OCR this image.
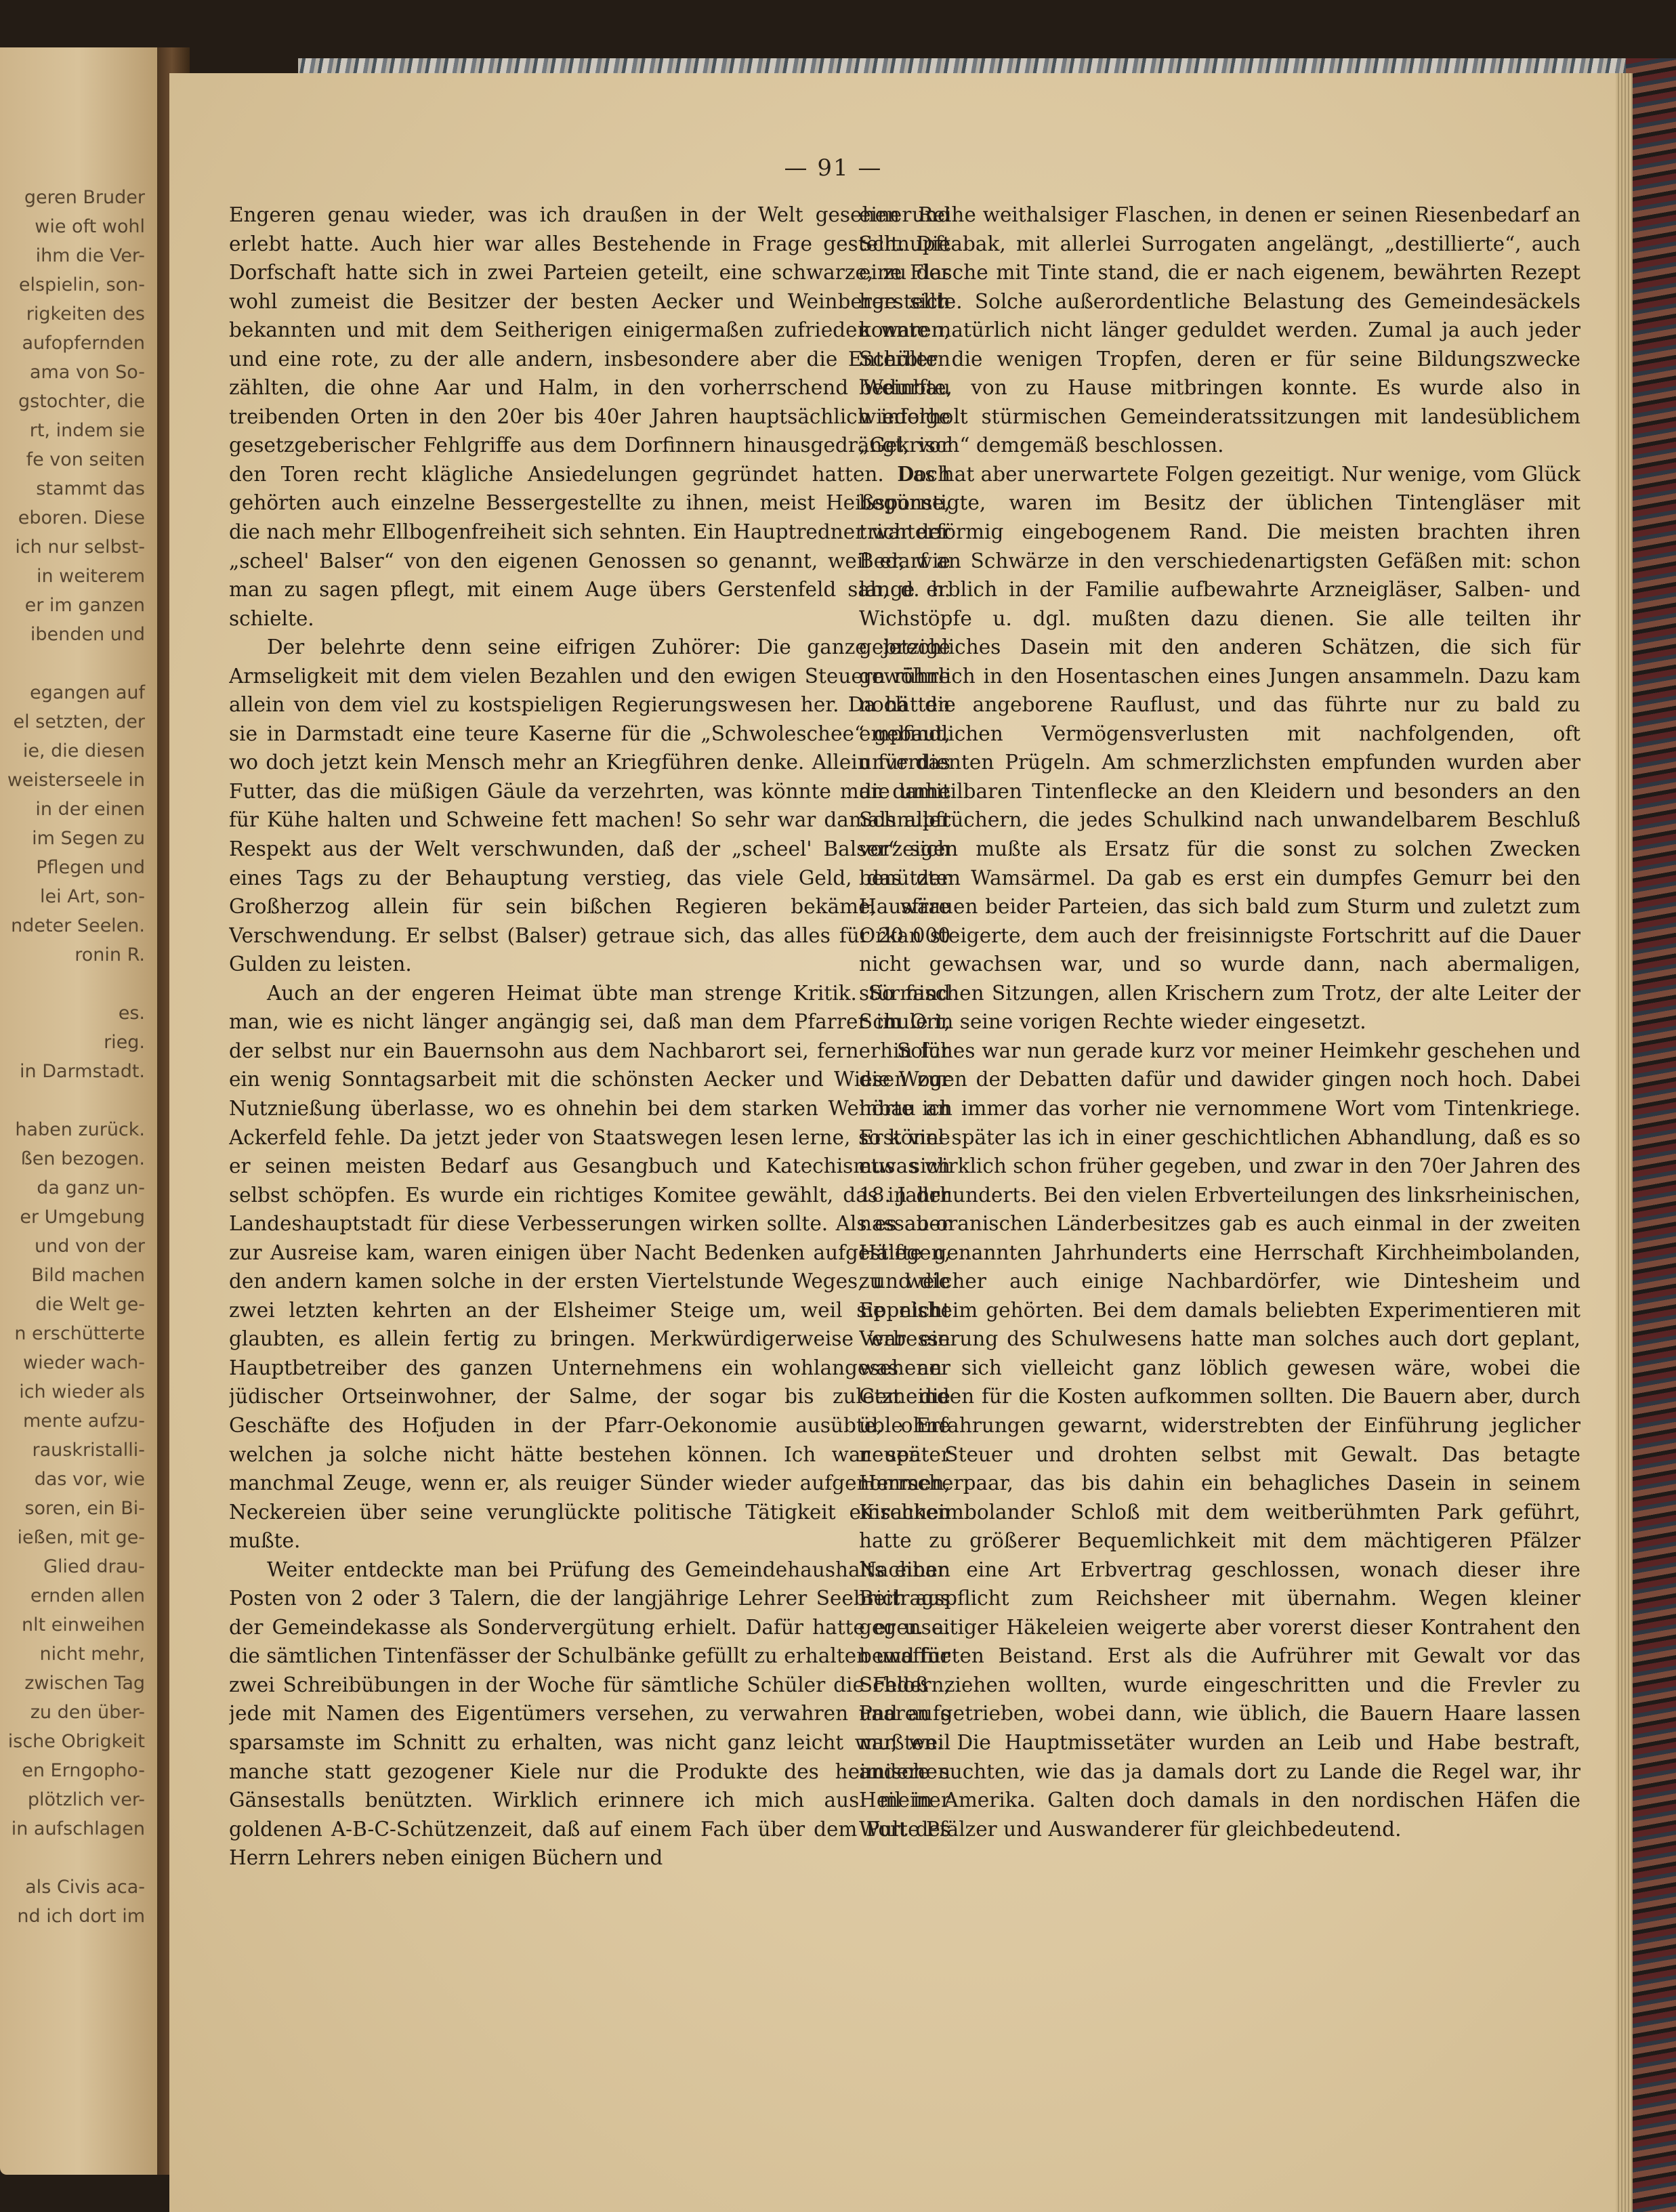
geren Bruder
wie oft wohl
ihm die Ver-
elspielin, son-
rigkeiten des
aufopfernden
ama von So-
gstochter, die
rt, indem sie
fe von seiten
stammt das
eboren. Diese
ich nur selbst-
in weiterem
er im ganzen
ibenden und
egangen auf
el setzten, der
ie, die diesen
weisterseele in
in der einen
im Segen zu
Pflegen und
lei Art, son-
ndeter Seelen.
ronin R.
es.
rieg.
in Darmstadt.
haben zurück.
ßen bezogen.
da ganz un-
er Umgebung
und von der
Bild machen
die Welt ge-
n erschütterte
wieder wach-
ich wieder als
mente aufzu-
rauskristalli-
das vor, wie
soren, ein Bi-
ießen, mit ge-
Glied drau-
ernden allen
nlt einweihen
nicht mehr,
zwischen Tag
zu den über-
ische Obrigkeit
en Erngopho-
plötzlich ver-
in aufschlagen
als Civis aca-
nd ich dort im
— 91 —

Engeren genau wieder, was ich draußen in der Welt gesehen und erlebt hatte. Auch hier war alles Bestehende in Frage gestellt. Die Dorfschaft hatte sich in zwei Parteien geteilt, eine schwarze, zu der wohl zumeist die Besitzer der besten Aecker und Weinberge sich bekannten und mit dem Seitherigen einigermaßen zufrieden waren, und eine rote, zu der alle andern, insbesondere aber die Enterbten zählten, die ohne Aar und Halm, in den vorherrschend Weinbau treibenden Orten in den 20er bis 40er Jahren hauptsächlich infolge gesetzgeberischer Fehlgriffe aus dem Dorfinnern hinausgedrängt, vor den Toren recht klägliche Ansiedelungen gegründet hatten. Doch gehörten auch einzelne Bessergestellte zu ihnen, meist Heißsporne, die nach mehr Ellbogenfreiheit sich sehnten. Ein Hauptredner war der „scheel' Balser“ von den eigenen Genossen so genannt, weil er, wie man zu sagen pflegt, mit einem Auge übers Gerstenfeld sah, d. h. schielte.

Der belehrte denn seine eifrigen Zuhörer: Die ganze jetzige Armseligkeit mit dem vielen Bezahlen und den ewigen Steuern rühre allein von dem viel zu kostspieligen Regierungswesen her. Da hätten sie in Darmstadt eine teure Kaserne für die „Schwoleschee“ gebaut, wo doch jetzt kein Mensch mehr an Kriegführen denke. Allein für das Futter, das die müßigen Gäule da verzehrten, was könnte man damit für Kühe halten und Schweine fett machen! So sehr war damals aller Respekt aus der Welt verschwunden, daß der „scheel' Balser“ sich eines Tags zu der Behauptung verstieg, das viele Geld, das der Großherzog allein für sein bißchen Regieren bekäme, wäre Verschwendung. Er selbst (Balser) getraue sich, das alles für 20 000 Gulden zu leisten.

Auch an der engeren Heimat übte man strenge Kritik. So fand man, wie es nicht länger angängig sei, daß man dem Pfarrer im Ort, der selbst nur ein Bauernsohn aus dem Nachbarort sei, fernerhin für ein wenig Sonntagsarbeit mit die schönsten Aecker und Wiesen zur Nutznießung überlasse, wo es ohnehin bei dem starken Weinbau an Ackerfeld fehle. Da jetzt jeder von Staatswegen lesen lerne, so könne er seinen meisten Bedarf aus Gesangbuch und Katechismus sich selbst schöpfen. Es wurde ein richtiges Komitee gewählt, das in der Landeshauptstadt für diese Verbesserungen wirken sollte. Als es aber zur Ausreise kam, waren einigen über Nacht Bedenken aufgestiegen, den andern kamen solche in der ersten Viertelstunde Weges, und die zwei letzten kehrten an der Elsheimer Steige um, weil sie nicht glaubten, es allein fertig zu bringen. Merkwürdigerweise war ein Hauptbetreiber des ganzen Unternehmens ein wohlangesehener jüdischer Ortseinwohner, der Salme, der sogar bis zuletzt die Geschäfte des Hofjuden in der Pfarr-Oekonomie ausübte, ohne welchen ja solche nicht hätte bestehen können. Ich war später manchmal Zeuge, wenn er, als reuiger Sünder wieder aufgenommen, Neckereien über seine verunglückte politische Tätigkeit einsacken mußte.

Weiter entdeckte man bei Prüfung des Gemeindehaushalts einen Posten von 2 oder 3 Talern, die der langjährige Lehrer Seebrich aus der Gemeindekasse als Sondervergütung erhielt. Dafür hatte er u. a. die sämtlichen Tintenfässer der Schulbänke gefüllt zu erhalten und für zwei Schreibübungen in der Woche für sämtliche Schüler die Federn, jede mit Namen des Eigentümers versehen, zu verwahren und aufs sparsamste im Schnitt zu erhalten, was nicht ganz leicht war, weil manche statt gezogener Kiele nur die Produkte des heimischen Gänsestalls benützten. Wirklich erinnere ich mich aus meiner goldenen A-B-C-Schützenzeit, daß auf einem Fach über dem Pult des Herrn Lehrers neben einigen Büchern und

einer Reihe weithalsiger Flaschen, in denen er seinen Riesenbedarf an Schnupftabak, mit allerlei Surrogaten angelängt, „destillierte“, auch eine Flasche mit Tinte stand, die er nach eigenem, bewährten Rezept herstellte. Solche außerordentliche Belastung des Gemeindesäckels konnte natürlich nicht länger geduldet werden. Zumal ja auch jeder Schüler die wenigen Tropfen, deren er für seine Bildungszwecke bedurfte, von zu Hause mitbringen konnte. Es wurde also in wiederholt stürmischen Gemeinderatssitzungen mit landesüblichem „Gekrisch“ demgemäß beschlossen.

Das hat aber unerwartete Folgen gezeitigt. Nur wenige, vom Glück begünstigte, waren im Besitz der üblichen Tintengläser mit trichterförmig eingebogenem Rand. Die meisten brachten ihren Bedarf an Schwärze in den verschiedenartigsten Gefäßen mit: schon lange erblich in der Familie aufbewahrte Arzneigläser, Salben- und Wichstöpfe u. dgl. mußten dazu dienen. Sie alle teilten ihr gebrechliches Dasein mit den anderen Schätzen, die sich für gewöhnlich in den Hosentaschen eines Jungen ansammeln. Dazu kam noch die angeborene Rauflust, und das führte nur zu bald zu empfindlichen Vermögensverlusten mit nachfolgenden, oft unverdienten Prügeln. Am schmerzlichsten empfunden wurden aber die unheilbaren Tintenflecke an den Kleidern und besonders an den Schnupftüchern, die jedes Schulkind nach unwandelbarem Beschluß vorzeigen mußte als Ersatz für die sonst zu solchen Zwecken benützten Wamsärmel. Da gab es erst ein dumpfes Gemurr bei den Hausfrauen beider Parteien, das sich bald zum Sturm und zuletzt zum Orkan steigerte, dem auch der freisinnigste Fortschritt auf die Dauer nicht gewachsen war, und so wurde dann, nach abermaligen, stürmischen Sitzungen, allen Krischern zum Trotz, der alte Leiter der Schule in seine vorigen Rechte wieder eingesetzt.

Solches war nun gerade kurz vor meiner Heimkehr geschehen und die Wogen der Debatten dafür und dawider gingen noch hoch. Dabei hörte ich immer das vorher nie vernommene Wort vom Tintenkriege. Erst viel später las ich in einer geschichtlichen Abhandlung, daß es so etwas wirklich schon früher gegeben, und zwar in den 70er Jahren des 18. Jahrhunderts. Bei den vielen Erbverteilungen des linksrheinischen, nassau-oranischen Länderbesitzes gab es auch einmal in der zweiten Hälfte genannten Jahrhunderts eine Herrschaft Kirchheimbolanden, zu welcher auch einige Nachbardörfer, wie Dintesheim und Eppelsheim gehörten. Bei dem damals beliebten Experimentieren mit Verbesserung des Schulwesens hatte man solches auch dort geplant, was an sich vielleicht ganz löblich gewesen wäre, wobei die Gemeinden für die Kosten aufkommen sollten. Die Bauern aber, durch üble Erfahrungen gewarnt, widerstrebten der Einführung jeglicher neuen Steuer und drohten selbst mit Gewalt. Das betagte Herrscherpaar, das bis dahin ein behagliches Dasein in seinem Kirchheimbolander Schloß mit dem weitberühmten Park geführt, hatte zu größerer Bequemlichkeit mit dem mächtigeren Pfälzer Nachbar eine Art Erbvertrag geschlossen, wonach dieser ihre Beitragspflicht zum Reichsheer mit übernahm. Wegen kleiner gegenseitiger Häkeleien weigerte aber vorerst dieser Kontrahent den bewaffneten Beistand. Erst als die Aufrührer mit Gewalt vor das Schloß ziehen wollten, wurde eingeschritten und die Frevler zu Paaren getrieben, wobei dann, wie üblich, die Bauern Haare lassen mußten. Die Hauptmissetäter wurden an Leib und Habe bestraft, andere suchten, wie das ja damals dort zu Lande die Regel war, ihr Heil in Amerika. Galten doch damals in den nordischen Häfen die Worte Pfälzer und Auswanderer für gleichbedeutend.
